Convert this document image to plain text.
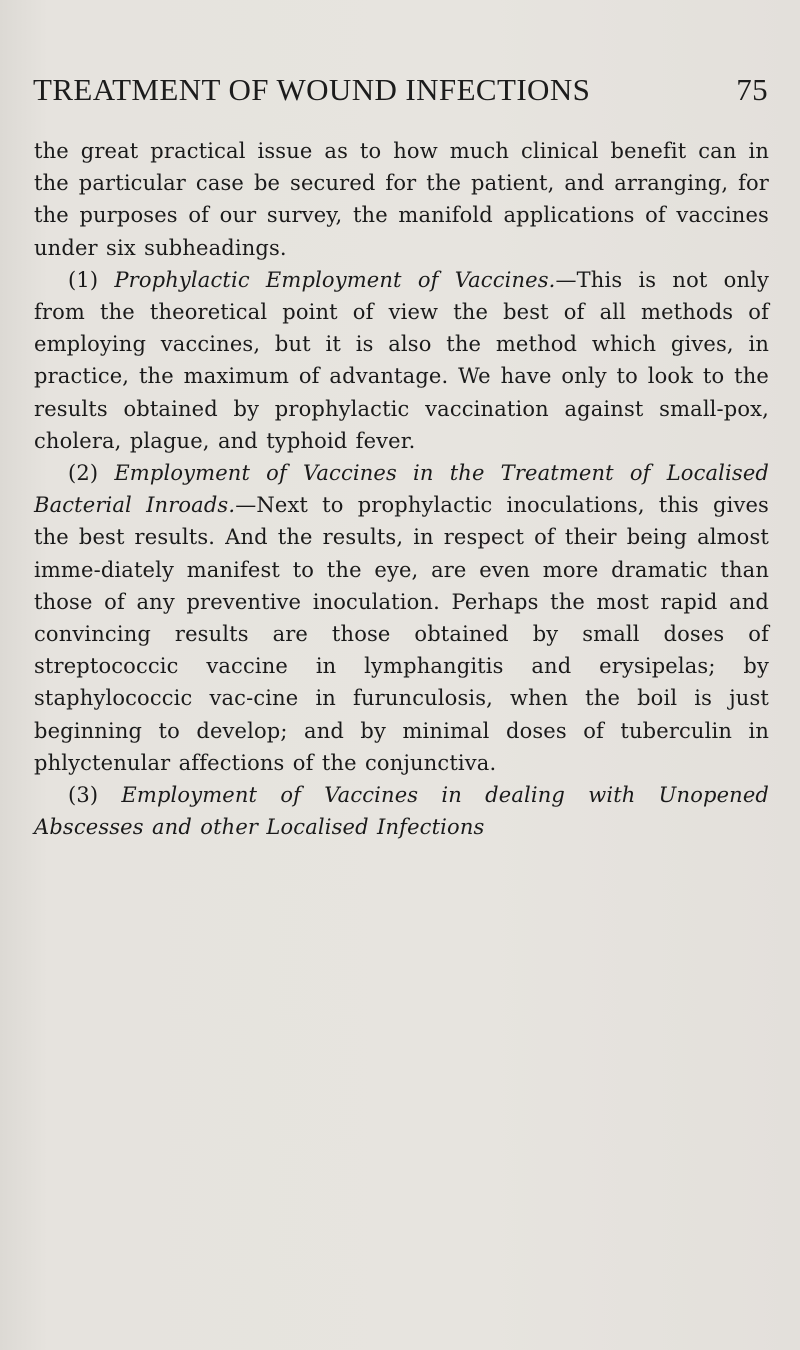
TREATMENT OF WOUND INFECTIONS	75

the great practical issue as to how much clinical benefit can in the particular case be secured for the patient, and arranging, for the purposes of our survey, the manifold applications of vaccines under six subheadings.

(1) Prophylactic Employment of Vaccines.—This is not only from the theoretical point of view the best of all methods of employing vaccines, but it is also the method which gives, in practice, the maximum of advantage. We have only to look to the results obtained by prophylactic vaccination against small-pox, cholera, plague, and typhoid fever.

(2) Employment of Vaccines in the Treatment of Localised Bacterial Inroads.—Next to prophylactic inoculations, this gives the best results. And the results, in respect of their being almost imme-diately manifest to the eye, are even more dramatic than those of any preventive inoculation. Perhaps the most rapid and convincing results are those obtained by small doses of streptococcic vaccine in lymphangitis and erysipelas; by staphylococcic vac-cine in furunculosis, when the boil is just beginning to develop; and by minimal doses of tuberculin in phlyctenular affections of the conjunctiva.

(3) Employment of Vaccines in dealing with Unopened Abscesses and other Localised Infections
